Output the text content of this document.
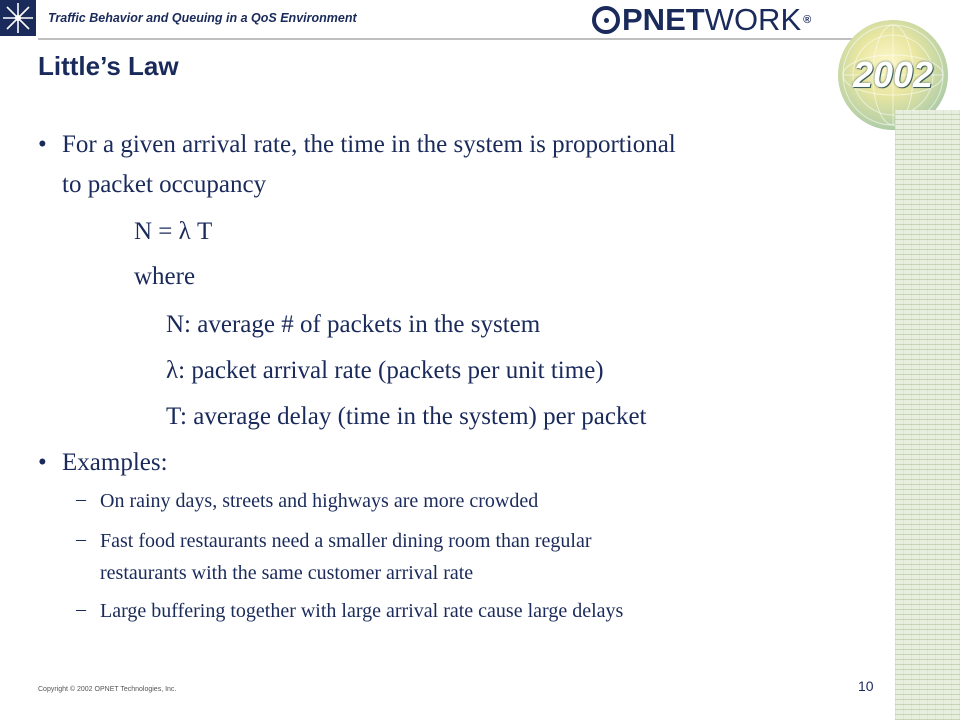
Traffic Behavior and Queuing in a QoS Environment	PNET WORK ®
2002
Little’s Law
• For a given arrival rate, the time in the system is proportional
to packet occupancy
N = λ T
where
N: average # of packets in the system
λ: packet arrival rate (packets per unit time)
T: average delay (time in the system) per packet
• Examples:
– On rainy days, streets and highways are more crowded
– Fast food restaurants need a smaller dining room than regular
restaurants with the same customer arrival rate
– Large buffering together with large arrival rate cause large delays
Copyright © 2002 OPNET Technologies, Inc.	10
